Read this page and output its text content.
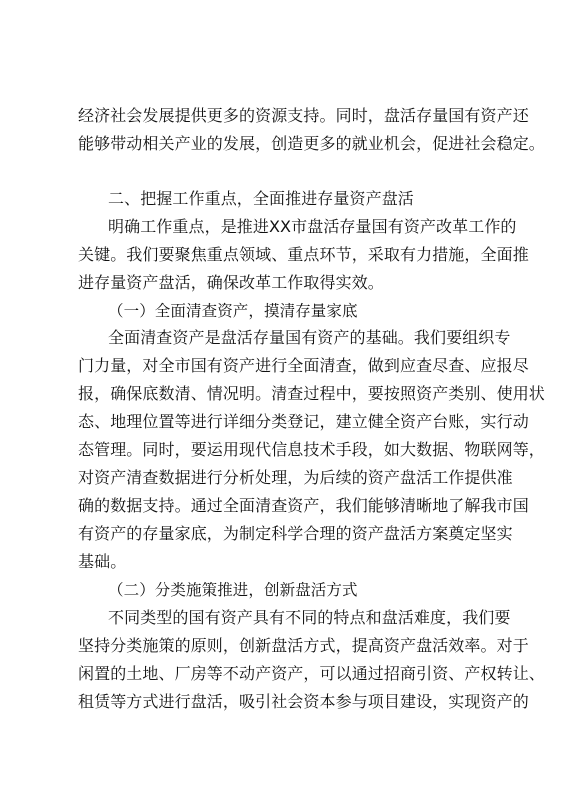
经济社会发展提供更多的资源支持。同时，盘活存量国有资产还
能够带动相关产业的发展，创造更多的就业机会，促进社会稳定。
二、把握工作重点，全面推进存量资产盘活
明确工作重点，是推进XX市盘活存量国有资产改革工作的
关键。我们要聚焦重点领域、重点环节，采取有力措施，全面推
进存量资产盘活，确保改革工作取得实效。
（一）全面清查资产，摸清存量家底
全面清查资产是盘活存量国有资产的基础。我们要组织专
门力量，对全市国有资产进行全面清查，做到应查尽查、应报尽
报，确保底数清、情况明。清查过程中，要按照资产类别、使用状
态、地理位置等进行详细分类登记，建立健全资产台账，实行动
态管理。同时，要运用现代信息技术手段，如大数据、物联网等，
对资产清查数据进行分析处理，为后续的资产盘活工作提供准
确的数据支持。通过全面清查资产，我们能够清晰地了解我市国
有资产的存量家底，为制定科学合理的资产盘活方案奠定坚实
基础。
（二）分类施策推进，创新盘活方式
不同类型的国有资产具有不同的特点和盘活难度，我们要
坚持分类施策的原则，创新盘活方式，提高资产盘活效率。对于
闲置的土地、厂房等不动产资产，可以通过招商引资、产权转让、
租赁等方式进行盘活，吸引社会资本参与项目建设，实现资产的
